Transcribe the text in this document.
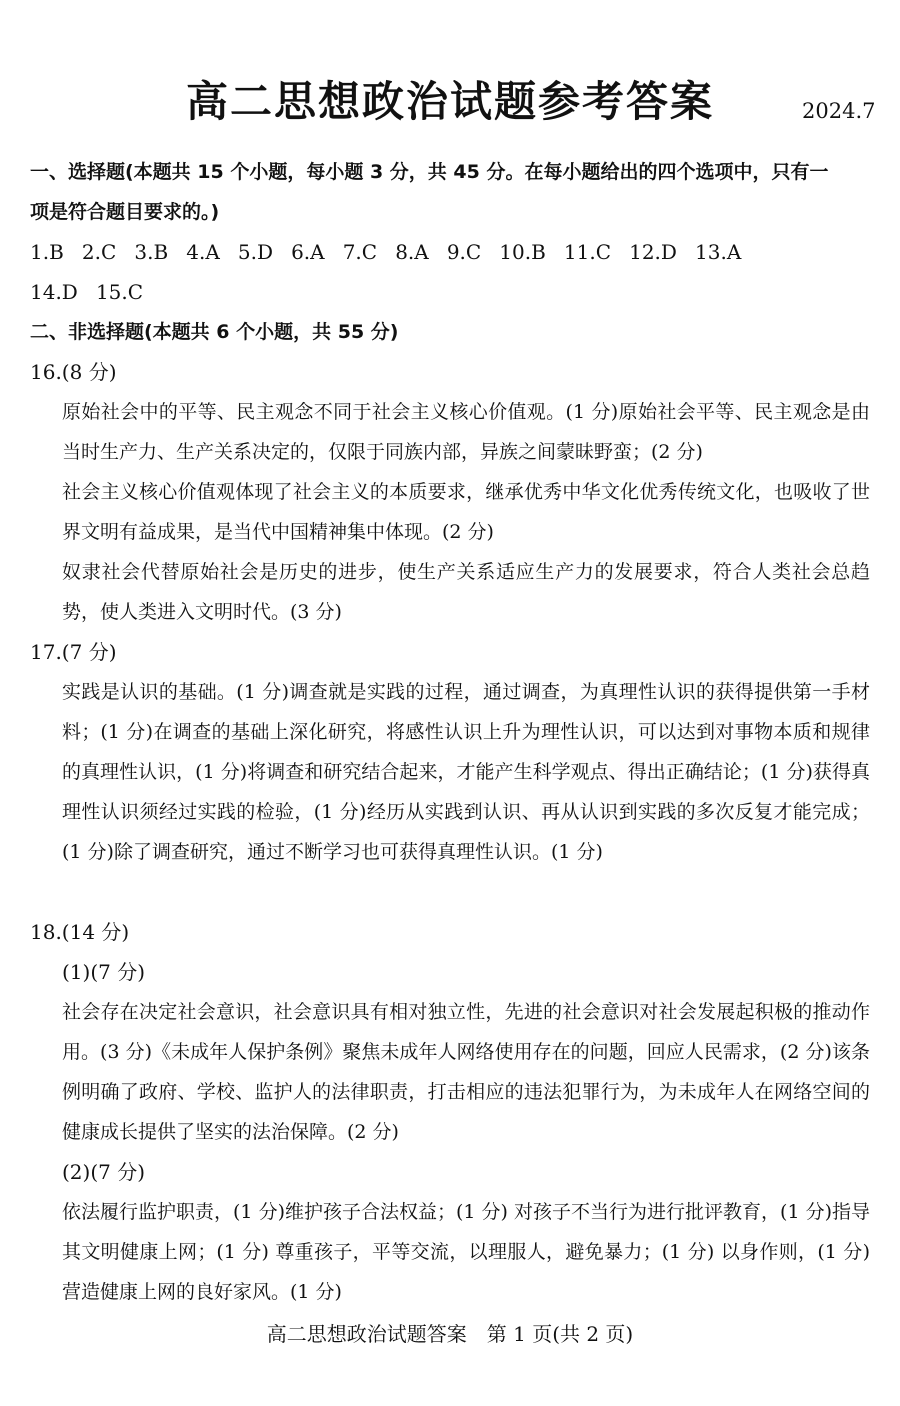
高二思想政治试题参考答案	2024.7
一、选择题(本题共 15 个小题，每小题 3 分，共 45 分。在每小题给出的四个选项中，只有一
项是符合题目要求的。)
1.B 2.C 3.B 4.A 5.D 6.A 7.C 8.A 9.C 10.B 11.C 12.D 13.A
14.D 15.C
二、非选择题(本题共 6 个小题，共 55 分)
16.(8 分)
原始社会中的平等、民主观念不同于社会主义核心价值观。(1 分)原始社会平等、民主观念是由当时生产力、生产关系决定的，仅限于同族内部，异族之间蒙昧野蛮；(2 分)
社会主义核心价值观体现了社会主义的本质要求，继承优秀中华文化优秀传统文化，也吸收了世界文明有益成果，是当代中国精神集中体现。(2 分)
奴隶社会代替原始社会是历史的进步，使生产关系适应生产力的发展要求，符合人类社会总趋势，使人类进入文明时代。(3 分)
17.(7 分)
实践是认识的基础。(1 分)调查就是实践的过程，通过调查，为真理性认识的获得提供第一手材料；(1 分)在调查的基础上深化研究，将感性认识上升为理性认识，可以达到对事物本质和规律的真理性认识，(1 分)将调查和研究结合起来，才能产生科学观点、得出正确结论；(1 分)获得真理性认识须经过实践的检验，(1 分)经历从实践到认识、再从认识到实践的多次反复才能完成；(1 分)除了调查研究，通过不断学习也可获得真理性认识。(1 分)
18.(14 分)
(1)(7 分)
社会存在决定社会意识，社会意识具有相对独立性，先进的社会意识对社会发展起积极的推动作用。(3 分)《未成年人保护条例》聚焦未成年人网络使用存在的问题，回应人民需求，(2 分)该条例明确了政府、学校、监护人的法律职责，打击相应的违法犯罪行为，为未成年人在网络空间的健康成长提供了坚实的法治保障。(2 分)
(2)(7 分)
依法履行监护职责，(1 分)维护孩子合法权益；(1 分) 对孩子不当行为进行批评教育，(1 分)指导其文明健康上网；(1 分) 尊重孩子，平等交流，以理服人，避免暴力；(1 分) 以身作则，(1 分)营造健康上网的良好家风。(1 分)
高二思想政治试题答案　第 1 页(共 2 页)
